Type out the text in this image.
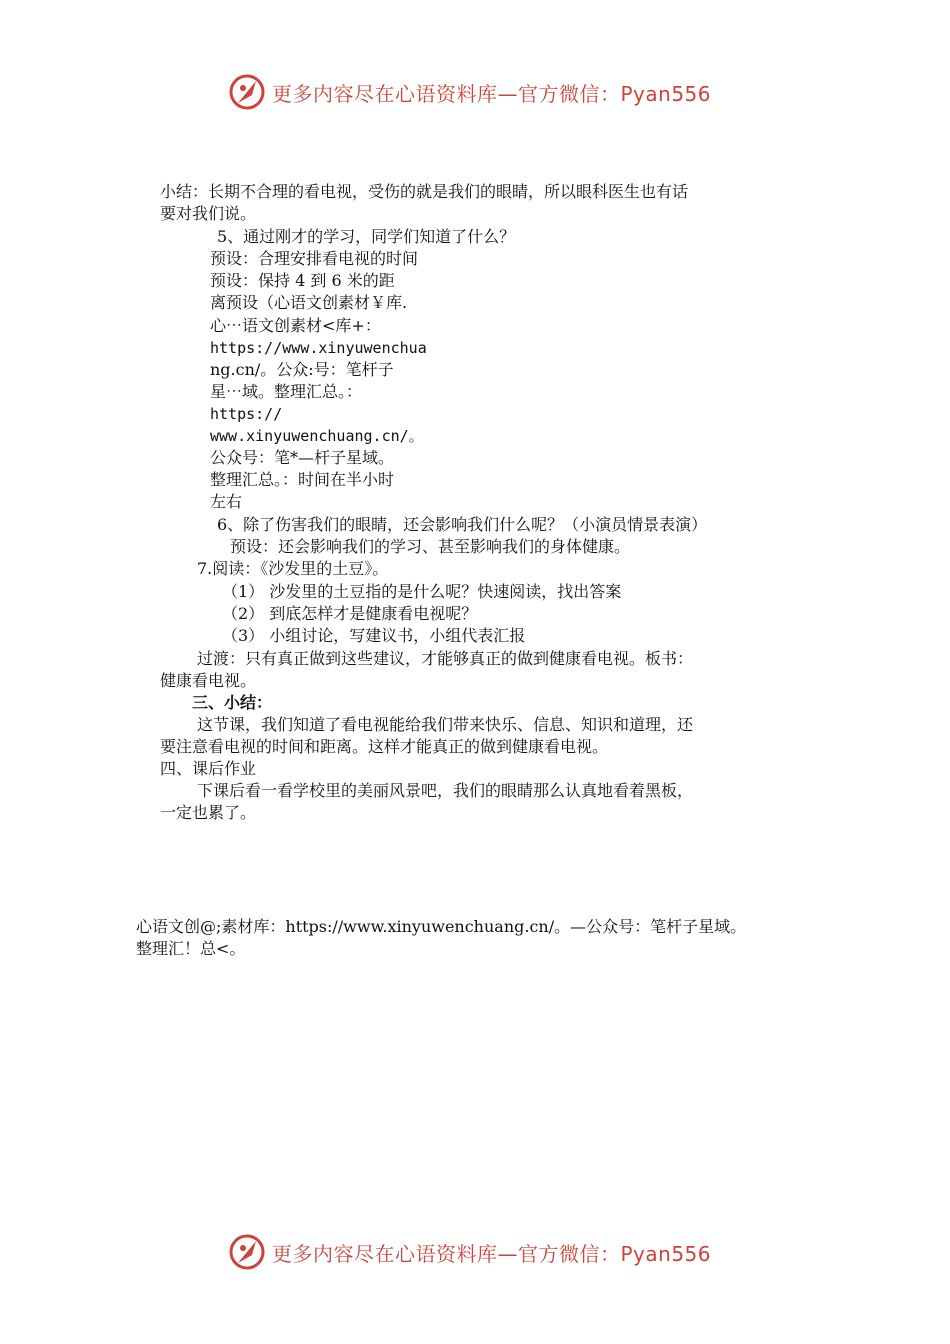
更多内容尽在心语资料库—官方微信：Pyan556
小结：长期不合理的看电视，受伤的就是我们的眼睛，所以眼科医生也有话
要对我们说。
5、通过刚才的学习，同学们知道了什么？
预设：合理安排看电视的时间
预设：保持 4 到 6 米的距
离预设（心语文创素材￥库.
心⋯语文创素材<库+：
https://www.xinyuwenchua
ng.cn/。公众:号：笔杆子
星⋯域。整理汇总。：
https://
www.xinyuwenchuang.cn/。
公众号：笔*—杆子星域。
整理汇总。：时间在半小时
左右
6、除了伤害我们的眼睛，还会影响我们什么呢？（小演员情景表演）
预设：还会影响我们的学习、甚至影响我们的身体健康。
7.阅读：《沙发里的土豆》。
（1） 沙发里的土豆指的是什么呢？快速阅读，找出答案
（2） 到底怎样才是健康看电视呢？
（3） 小组讨论，写建议书，小组代表汇报
过渡：只有真正做到这些建议，才能够真正的做到健康看电视。板书：
健康看电视。
三、小结：
这节课，我们知道了看电视能给我们带来快乐、信息、知识和道理，还
要注意看电视的时间和距离。这样才能真正的做到健康看电视。
四、课后作业
下课后看一看学校里的美丽风景吧，我们的眼睛那么认真地看着黑板，
一定也累了。
心语文创@;素材库：https://www.xinyuwenchuang.cn/。—公众号：笔杆子星域。
整理汇！总<。
更多内容尽在心语资料库—官方微信：Pyan556
